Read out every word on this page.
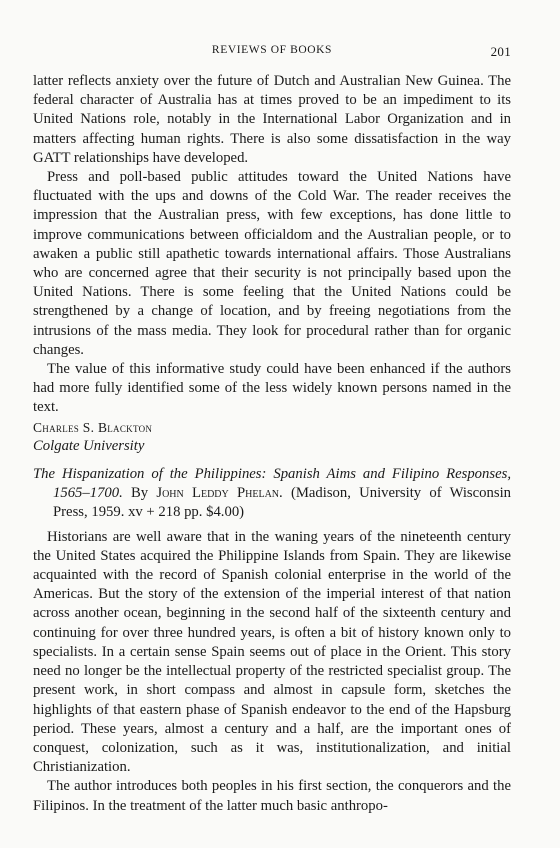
REVIEWS OF BOOKS	201

latter reflects anxiety over the future of Dutch and Australian New Guinea. The federal character of Australia has at times proved to be an impediment to its United Nations role, notably in the International Labor Organization and in matters affecting human rights. There is also some dissatisfaction in the way GATT relationships have developed.

Press and poll-based public attitudes toward the United Nations have fluctuated with the ups and downs of the Cold War. The reader receives the impression that the Australian press, with few exceptions, has done little to improve communications between officialdom and the Australian people, or to awaken a public still apathetic towards international affairs. Those Australians who are concerned agree that their security is not principally based upon the United Nations. There is some feeling that the United Nations could be strengthened by a change of location, and by freeing negotiations from the intrusions of the mass media. They look for procedural rather than for organic changes.

The value of this informative study could have been enhanced if the authors had more fully identified some of the less widely known persons named in the text.

Charles S. Blackton

Colgate University

The Hispanization of the Philippines: Spanish Aims and Filipino Responses, 1565–1700. By John Leddy Phelan. (Madison, University of Wisconsin Press, 1959. xv + 218 pp. $4.00)

Historians are well aware that in the waning years of the nineteenth century the United States acquired the Philippine Islands from Spain. They are likewise acquainted with the record of Spanish colonial enterprise in the world of the Americas. But the story of the extension of the imperial interest of that nation across another ocean, beginning in the second half of the sixteenth century and continuing for over three hundred years, is often a bit of history known only to specialists. In a certain sense Spain seems out of place in the Orient. This story need no longer be the intellectual property of the restricted specialist group. The present work, in short compass and almost in capsule form, sketches the highlights of that eastern phase of Spanish endeavor to the end of the Hapsburg period. These years, almost a century and a half, are the important ones of conquest, colonization, such as it was, institutionalization, and initial Christianization.

The author introduces both peoples in his first section, the conquerors and the Filipinos. In the treatment of the latter much basic anthropo-
